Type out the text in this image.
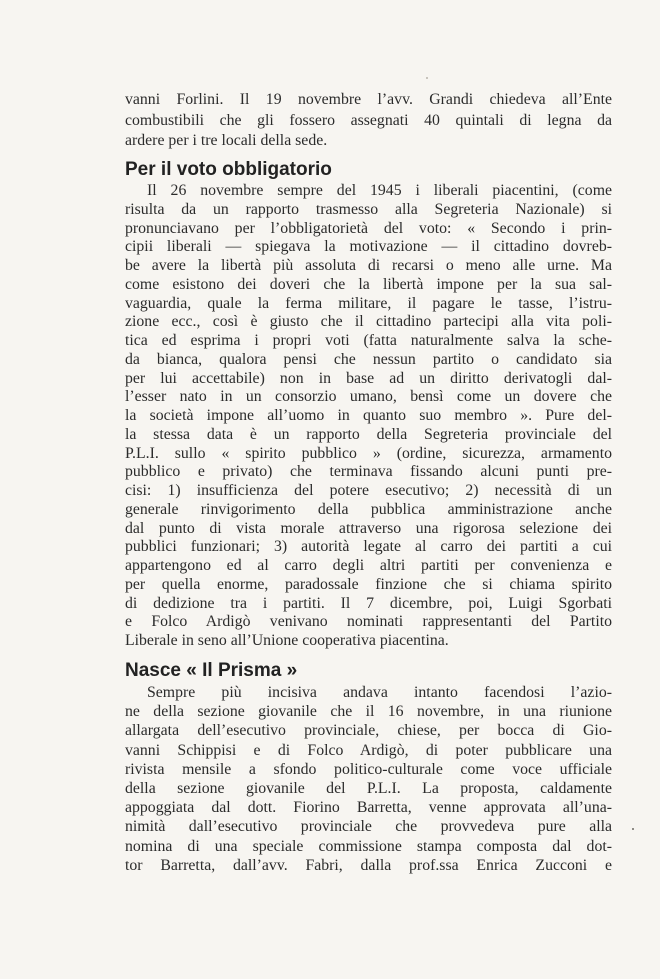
vanni Forlini. Il 19 novembre l’avv. Grandi chiedeva all’Ente
combustibili che gli fossero assegnati 40 quintali di legna da
ardere per i tre locali della sede.
Per il voto obbligatorio
Il 26 novembre sempre del 1945 i liberali piacentini, (come
risulta da un rapporto trasmesso alla Segreteria Nazionale) si
pronunciavano per l’obbligatorietà del voto: « Secondo i prin-
cipii liberali — spiegava la motivazione — il cittadino dovreb-
be avere la libertà più assoluta di recarsi o meno alle urne. Ma
come esistono dei doveri che la libertà impone per la sua sal-
vaguardia, quale la ferma militare, il pagare le tasse, l’istru-
zione ecc., così è giusto che il cittadino partecipi alla vita poli-
tica ed esprima i propri voti (fatta naturalmente salva la sche-
da bianca, qualora pensi che nessun partito o candidato sia
per lui accettabile) non in base ad un diritto derivatogli dal-
l’esser nato in un consorzio umano, bensì come un dovere che
la società impone all’uomo in quanto suo membro ». Pure del-
la stessa data è un rapporto della Segreteria provinciale del
P.L.I. sullo « spirito pubblico » (ordine, sicurezza, armamento
pubblico e privato) che terminava fissando alcuni punti pre-
cisi: 1) insufficienza del potere esecutivo; 2) necessità di un
generale rinvigorimento della pubblica amministrazione anche
dal punto di vista morale attraverso una rigorosa selezione dei
pubblici funzionari; 3) autorità legate al carro dei partiti a cui
appartengono ed al carro degli altri partiti per convenienza e
per quella enorme, paradossale finzione che si chiama spirito
di dedizione tra i partiti. Il 7 dicembre, poi, Luigi Sgorbati
e Folco Ardigò venivano nominati rappresentanti del Partito
Liberale in seno all’Unione cooperativa piacentina.
Nasce « Il Prisma »
Sempre più incisiva andava intanto facendosi l’azio-
ne della sezione giovanile che il 16 novembre, in una riunione
allargata dell’esecutivo provinciale, chiese, per bocca di Gio-
vanni Schippisi e di Folco Ardigò, di poter pubblicare una
rivista mensile a sfondo politico-culturale come voce ufficiale
della sezione giovanile del P.L.I. La proposta, caldamente
appoggiata dal dott. Fiorino Barretta, venne approvata all’una-
nimità dall’esecutivo provinciale che provvedeva pure alla
nomina di una speciale commissione stampa composta dal dot-
tor Barretta, dall’avv. Fabri, dalla prof.ssa Enrica Zucconi e
